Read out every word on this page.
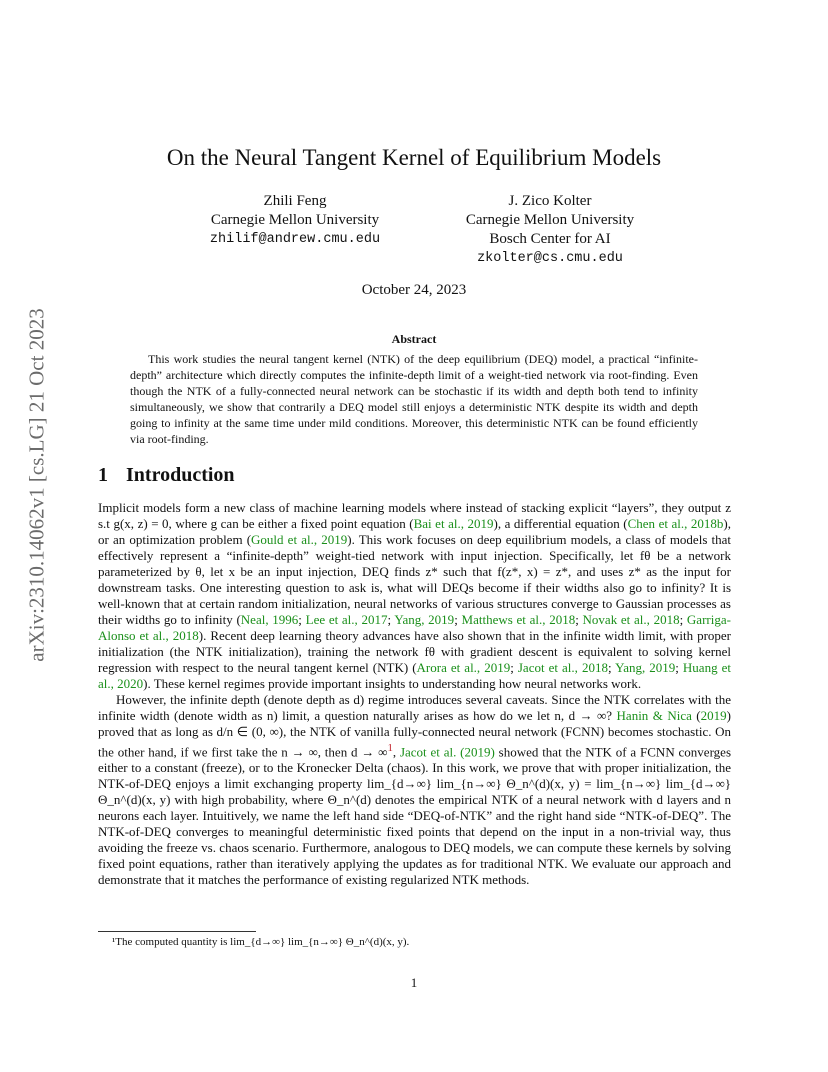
arXiv:2310.14062v1 [cs.LG] 21 Oct 2023
On the Neural Tangent Kernel of Equilibrium Models
Zhili Feng
Carnegie Mellon University
zhilif@andrew.cmu.edu
J. Zico Kolter
Carnegie Mellon University
Bosch Center for AI
zkolter@cs.cmu.edu
October 24, 2023
Abstract
This work studies the neural tangent kernel (NTK) of the deep equilibrium (DEQ) model, a practical “infinite-depth” architecture which directly computes the infinite-depth limit of a weight-tied network via root-finding. Even though the NTK of a fully-connected neural network can be stochastic if its width and depth both tend to infinity simultaneously, we show that contrarily a DEQ model still enjoys a deterministic NTK despite its width and depth going to infinity at the same time under mild conditions. Moreover, this deterministic NTK can be found efficiently via root-finding.
1 Introduction

Implicit models form a new class of machine learning models where instead of stacking explicit “layers”, they output z s.t g(x, z) = 0, where g can be either a fixed point equation (Bai et al., 2019), a differential equation (Chen et al., 2018b), or an optimization problem (Gould et al., 2019). This work focuses on deep equilibrium models, a class of models that effectively represent a “infinite-depth” weight-tied network with input injection. Specifically, let fθ be a network parameterized by θ, let x be an input injection, DEQ finds z* such that f(z*, x) = z*, and uses z* as the input for downstream tasks. One interesting question to ask is, what will DEQs become if their widths also go to infinity? It is well-known that at certain random initialization, neural networks of various structures converge to Gaussian processes as their widths go to infinity (Neal, 1996; Lee et al., 2017; Yang, 2019; Matthews et al., 2018; Novak et al., 2018; Garriga-Alonso et al., 2018). Recent deep learning theory advances have also shown that in the infinite width limit, with proper initialization (the NTK initialization), training the network fθ with gradient descent is equivalent to solving kernel regression with respect to the neural tangent kernel (NTK) (Arora et al., 2019; Jacot et al., 2018; Yang, 2019; Huang et al., 2020). These kernel regimes provide important insights to understanding how neural networks work.

However, the infinite depth (denote depth as d) regime introduces several caveats. Since the NTK correlates with the infinite width (denote width as n) limit, a question naturally arises as how do we let n, d → ∞? Hanin & Nica (2019) proved that as long as d/n ∈ (0, ∞), the NTK of vanilla fully-connected neural network (FCNN) becomes stochastic. On the other hand, if we first take the n → ∞, then d → ∞$^1$, Jacot et al. (2019) showed that the NTK of a FCNN converges either to a constant (freeze), or to the Kronecker Delta (chaos). In this work, we prove that with proper initialization, the NTK-of-DEQ enjoys a limit exchanging property lim_{d→∞} lim_{n→∞} Θ_n^(d)(x, y) = lim_{n→∞} lim_{d→∞} Θ_n^(d)(x, y) with high probability, where Θ_n^(d) denotes the empirical NTK of a neural network with d layers and n neurons each layer. Intuitively, we name the left hand side “DEQ-of-NTK” and the right hand side “NTK-of-DEQ”. The NTK-of-DEQ converges to meaningful deterministic fixed points that depend on the input in a non-trivial way, thus avoiding the freeze vs. chaos scenario. Furthermore, analogous to DEQ models, we can compute these kernels by solving fixed point equations, rather than iteratively applying the updates as for traditional NTK. We evaluate our approach and demonstrate that it matches the performance of existing regularized NTK methods.

¹The computed quantity is lim_{d→∞} lim_{n→∞} Θ_n^(d)(x, y).
1
